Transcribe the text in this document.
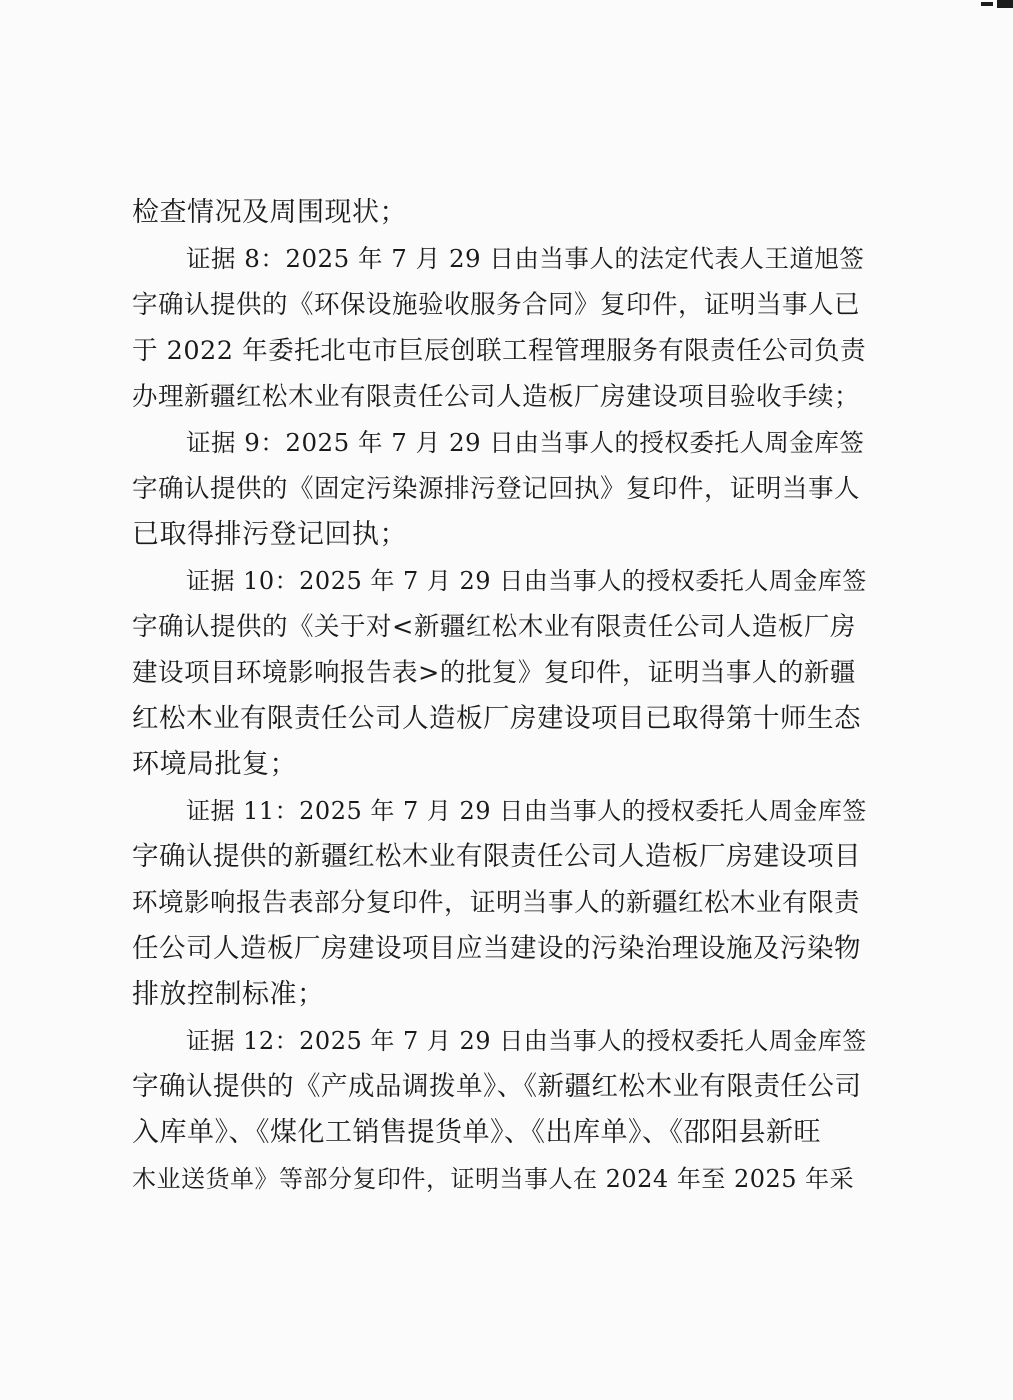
检查情况及周围现状；
证据 8：2025 年 7 月 29 日由当事人的法定代表人王道旭签
字确认提供的《环保设施验收服务合同》复印件，证明当事人已
于 2022 年委托北屯市巨辰创联工程管理服务有限责任公司负责
办理新疆红松木业有限责任公司人造板厂房建设项目验收手续；
证据 9：2025 年 7 月 29 日由当事人的授权委托人周金库签
字确认提供的《固定污染源排污登记回执》复印件，证明当事人
已取得排污登记回执；
证据 10：2025 年 7 月 29 日由当事人的授权委托人周金库签
字确认提供的《关于对<新疆红松木业有限责任公司人造板厂房
建设项目环境影响报告表>的批复》复印件，证明当事人的新疆
红松木业有限责任公司人造板厂房建设项目已取得第十师生态
环境局批复；
证据 11：2025 年 7 月 29 日由当事人的授权委托人周金库签
字确认提供的新疆红松木业有限责任公司人造板厂房建设项目
环境影响报告表部分复印件，证明当事人的新疆红松木业有限责
任公司人造板厂房建设项目应当建设的污染治理设施及污染物
排放控制标准；
证据 12：2025 年 7 月 29 日由当事人的授权委托人周金库签
字确认提供的《产成品调拨单》、《新疆红松木业有限责任公司
入库单》、《煤化工销售提货单》、《出库单》、《邵阳县新旺
木业送货单》等部分复印件，证明当事人在 2024 年至 2025 年采
